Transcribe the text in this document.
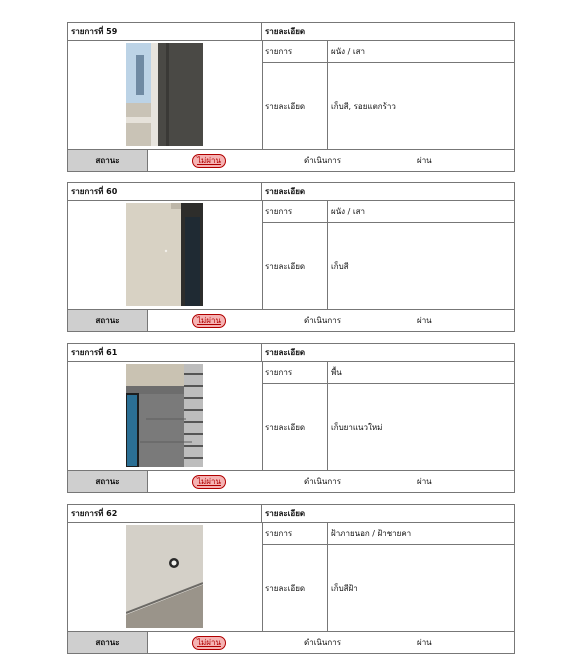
รายการที่ 59	รายละเอียด
รายการ	ผนัง / เสา
รายละเอียด	เก็บสี, รอยแตกร้าว
สถานะ	ไม่ผ่าน	ดำเนินการ	ผ่าน
รายการที่ 60	รายละเอียด
รายการ	ผนัง / เสา
รายละเอียด	เก็บสี
สถานะ	ไม่ผ่าน	ดำเนินการ	ผ่าน
รายการที่ 61	รายละเอียด
รายการ	พื้น
รายละเอียด	เก็บยาแนวใหม่
สถานะ	ไม่ผ่าน	ดำเนินการ	ผ่าน
รายการที่ 62	รายละเอียด
รายการ	ฝ้าภายนอก / ฝ้าชายคา
รายละเอียด	เก็บสีฝ้า
สถานะ	ไม่ผ่าน	ดำเนินการ	ผ่าน
